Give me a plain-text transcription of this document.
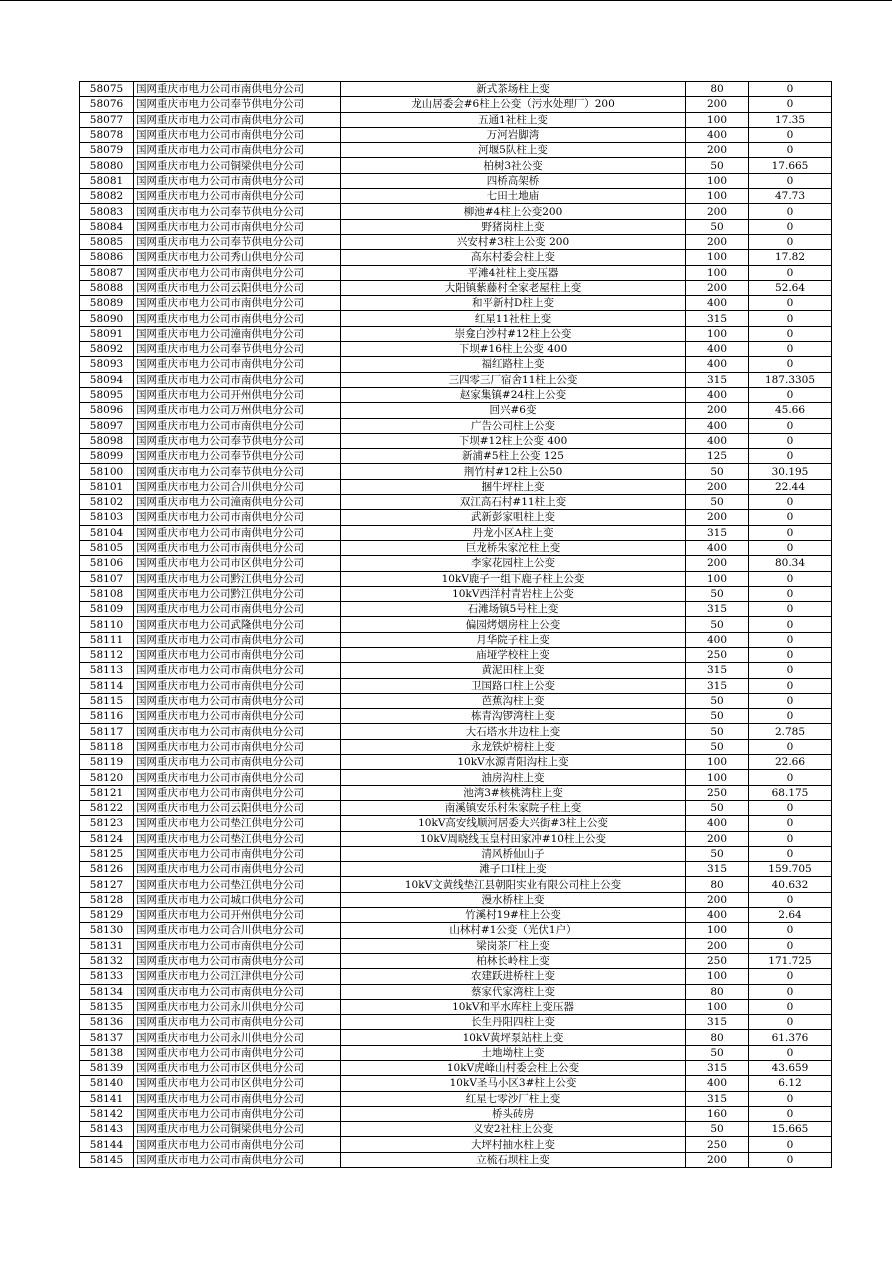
58075	国网重庆市电力公司市南供电分公司	新式茶场柱上变	80	0
58076	国网重庆市电力公司奉节供电分公司	龙山居委会#6柱上公变（污水处理厂）200	200	0
58077	国网重庆市电力公司市南供电分公司	五通1社柱上变	100	17.35
58078	国网重庆市电力公司市南供电分公司	万河岩脚湾	400	0
58079	国网重庆市电力公司市南供电分公司	河堰5队柱上变	200	0
58080	国网重庆市电力公司铜梁供电分公司	柏树3社公变	50	17.665
58081	国网重庆市电力公司市南供电分公司	四桥高架桥	100	0
58082	国网重庆市电力公司市南供电分公司	七田土地庙	100	47.73
58083	国网重庆市电力公司奉节供电分公司	柳池#4柱上公变200	200	0
58084	国网重庆市电力公司市南供电分公司	野猪岗柱上变	50	0
58085	国网重庆市电力公司奉节供电分公司	兴安村#3柱上公变 200	200	0
58086	国网重庆市电力公司秀山供电分公司	高东村委会柱上变	100	17.82
58087	国网重庆市电力公司市南供电分公司	平滩4社柱上变压器	100	0
58088	国网重庆市电力公司云阳供电分公司	大阳镇紫藤村全家老屋柱上变	200	52.64
58089	国网重庆市电力公司市南供电分公司	和平新村D柱上变	400	0
58090	国网重庆市电力公司市南供电分公司	红星11社柱上变	315	0
58091	国网重庆市电力公司潼南供电分公司	崇龛白沙村#12柱上公变	100	0
58092	国网重庆市电力公司奉节供电分公司	下坝#16柱上公变 400	400	0
58093	国网重庆市电力公司市南供电分公司	福红路柱上变	400	0
58094	国网重庆市电力公司市南供电分公司	三四零三厂宿舍11柱上公变	315	187.3305
58095	国网重庆市电力公司开州供电分公司	赵家集镇#24柱上公变	400	0
58096	国网重庆市电力公司万州供电分公司	回兴#6变	200	45.66
58097	国网重庆市电力公司市南供电分公司	广告公司柱上公变	400	0
58098	国网重庆市电力公司奉节供电分公司	下坝#12柱上公变 400	400	0
58099	国网重庆市电力公司奉节供电分公司	新浦#5柱上公变 125	125	0
58100	国网重庆市电力公司奉节供电分公司	荆竹村#12柱上公50	50	30.195
58101	国网重庆市电力公司合川供电分公司	捆牛坪柱上变	200	22.44
58102	国网重庆市电力公司潼南供电分公司	双江高石村#11柱上变	50	0
58103	国网重庆市电力公司市南供电分公司	武新彭家咀柱上变	200	0
58104	国网重庆市电力公司市南供电分公司	丹龙小区A柱上变	315	0
58105	国网重庆市电力公司市南供电分公司	巨龙桥朱家沱柱上变	400	0
58106	国网重庆市电力公司市区供电分公司	李家花园柱上公变	200	80.34
58107	国网重庆市电力公司黔江供电分公司	10kV鹿子一组下鹿子柱上公变	100	0
58108	国网重庆市电力公司黔江供电分公司	10kV西洋村青岩柱上公变	50	0
58109	国网重庆市电力公司市南供电分公司	石滩场镇5号柱上变	315	0
58110	国网重庆市电力公司武隆供电分公司	偏园烤烟房柱上公变	50	0
58111	国网重庆市电力公司市南供电分公司	月华院子柱上变	400	0
58112	国网重庆市电力公司市南供电分公司	庙垭学校柱上变	250	0
58113	国网重庆市电力公司市南供电分公司	黄泥田柱上变	315	0
58114	国网重庆市电力公司市南供电分公司	卫国路口柱上公变	315	0
58115	国网重庆市电力公司市南供电分公司	芭蕉沟柱上变	50	0
58116	国网重庆市电力公司市南供电分公司	栋青沟锣湾柱上变	50	0
58117	国网重庆市电力公司市南供电分公司	大石塔水井边柱上变	50	2.785
58118	国网重庆市电力公司市南供电分公司	永龙铁炉榜柱上变	50	0
58119	国网重庆市电力公司市南供电分公司	10kV水源青阳沟柱上变	100	22.66
58120	国网重庆市电力公司市南供电分公司	油房沟柱上变	100	0
58121	国网重庆市电力公司市南供电分公司	池湾3#核桃湾柱上变	250	68.175
58122	国网重庆市电力公司云阳供电分公司	南溪镇安乐村朱家院子柱上变	50	0
58123	国网重庆市电力公司垫江供电分公司	10kV高安线顺河居委大兴街#3柱上公变	400	0
58124	国网重庆市电力公司垫江供电分公司	10kV周晓线玉皇村田家冲#10柱上公变	200	0
58125	国网重庆市电力公司市南供电分公司	清风桥仙山子	50	0
58126	国网重庆市电力公司市南供电分公司	滩子口Ⅰ柱上变	315	159.705
58127	国网重庆市电力公司垫江供电分公司	10kV文黄线垫江县朝阳实业有限公司柱上公变	80	40.632
58128	国网重庆市电力公司城口供电分公司	漫水桥柱上变	200	0
58129	国网重庆市电力公司开州供电分公司	竹溪村19#柱上公变	400	2.64
58130	国网重庆市电力公司合川供电分公司	山林村#1公变（光伏1户）	100	0
58131	国网重庆市电力公司市南供电分公司	梁岗茶厂柱上变	200	0
58132	国网重庆市电力公司市南供电分公司	柏林长岭柱上变	250	171.725
58133	国网重庆市电力公司江津供电分公司	农建跃进桥柱上变	100	0
58134	国网重庆市电力公司市南供电分公司	蔡家代家湾柱上变	80	0
58135	国网重庆市电力公司永川供电分公司	10kV和平水库柱上变压器	100	0
58136	国网重庆市电力公司市南供电分公司	长生丹阳四柱上变	315	0
58137	国网重庆市电力公司永川供电分公司	10kV黄坪泵站柱上变	80	61.376
58138	国网重庆市电力公司市南供电分公司	土地坳柱上变	50	0
58139	国网重庆市电力公司市区供电分公司	10kV虎峰山村委会柱上公变	315	43.659
58140	国网重庆市电力公司市区供电分公司	10kV圣马小区3#柱上公变	400	6.12
58141	国网重庆市电力公司市南供电分公司	红星七零沙厂柱上变	315	0
58142	国网重庆市电力公司市南供电分公司	桥头砖房	160	0
58143	国网重庆市电力公司铜梁供电分公司	义安2社柱上公变	50	15.665
58144	国网重庆市电力公司市南供电分公司	大坪村抽水柱上变	250	0
58145	国网重庆市电力公司市南供电分公司	立梳石坝柱上变	200	0
